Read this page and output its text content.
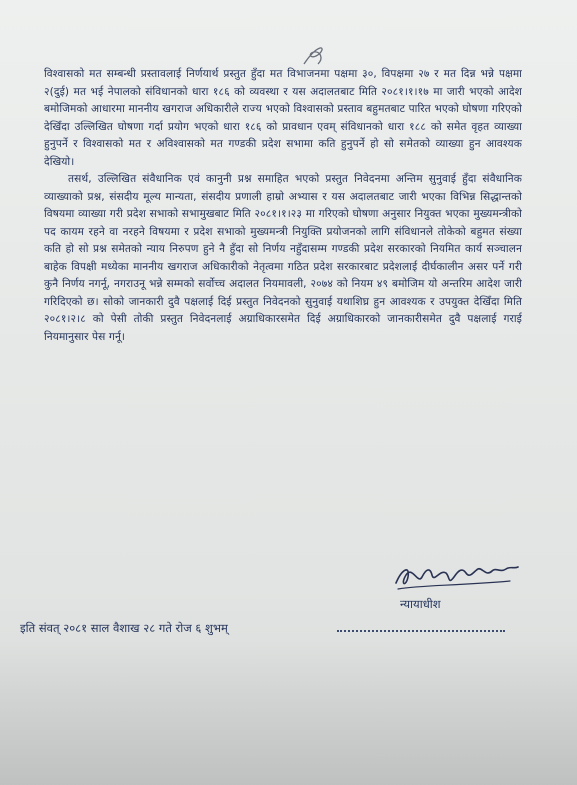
विश्वासको मत सम्बन्धी प्रस्तावलाई निर्णयार्थ प्रस्तुत हुँदा मत विभाजनमा पक्षमा ३०, विपक्षमा २७ र मत दिन्न भन्ने पक्षमा २(दुई) मत भई नेपालको संविधानको धारा १८६ को व्यवस्था र यस अदालतबाट मिति २०८१।१।१७ मा जारी भएको आदेश बमोजिमको आधारमा माननीय खगराज अधिकारीले राज्य भएको विश्वासको प्रस्ताव बहुमतबाट पारित भएको घोषणा गरिएको देखिँदा उल्लिखित घोषणा गर्दा प्रयोग भएको धारा १८६ को प्रावधान एवम् संविधानको धारा १८८ को समेत वृहत व्याख्या हुनुपर्ने र विश्वासको मत र अविश्वासको मत गण्डकी प्रदेश सभामा कति हुनुपर्ने हो सो समेतको व्याख्या हुन आवश्यक देखियो।

तसर्थ, उल्लिखित संवैधानिक एवं कानुनी प्रश्न समाहित भएको प्रस्तुत निवेदनमा अन्तिम सुनुवाई हुँदा संवैधानिक व्याख्याको प्रश्न, संसदीय मूल्य मान्यता, संसदीय प्रणाली हाम्रो अभ्यास र यस अदालतबाट जारी भएका विभिन्न सिद्धान्तको विषयमा व्याख्या गरी प्रदेश सभाको सभामुखबाट मिति २०८१।१।२३ मा गरिएको घोषणा अनुसार नियुक्त भएका मुख्यमन्त्रीको पद कायम रहने वा नरहने विषयमा र प्रदेश सभाको मुख्यमन्त्री नियुक्ति प्रयोजनको लागि संविधानले तोकेको बहुमत संख्या कति हो सो प्रश्न समेतको न्याय निरुपण हुने नै हुँदा सो निर्णय नहुँदासम्म गण्डकी प्रदेश सरकारको नियमित कार्य सञ्चालन बाहेक विपक्षी मध्येका माननीय खगराज अधिकारीको नेतृत्वमा गठित प्रदेश सरकारबाट प्रदेशलाई दीर्घकालीन असर पर्ने गरी कुनै निर्णय नगर्नू, नगराउनू भन्ने सम्मको सर्वोच्च अदालत नियमावली, २०७४ को नियम ४९ बमोजिम यो अन्तरिम आदेश जारी गरिदिएको छ। सोको जानकारी दुवै पक्षलाई दिई प्रस्तुत निवेदनको सुनुवाई यथाशिघ्र हुन आवश्यक र उपयुक्त देखिँदा मिति २०८१।२।८ को पेसी तोकी प्रस्तुत निवेदनलाई अग्राधिकारसमेत दिई अग्राधिकारको जानकारीसमेत दुवै पक्षलाई गराई नियमानुसार पेस गर्नू।

न्यायाधीश
इति संवत् २०८१ साल वैशाख २८ गते रोज ६ शुभम्
